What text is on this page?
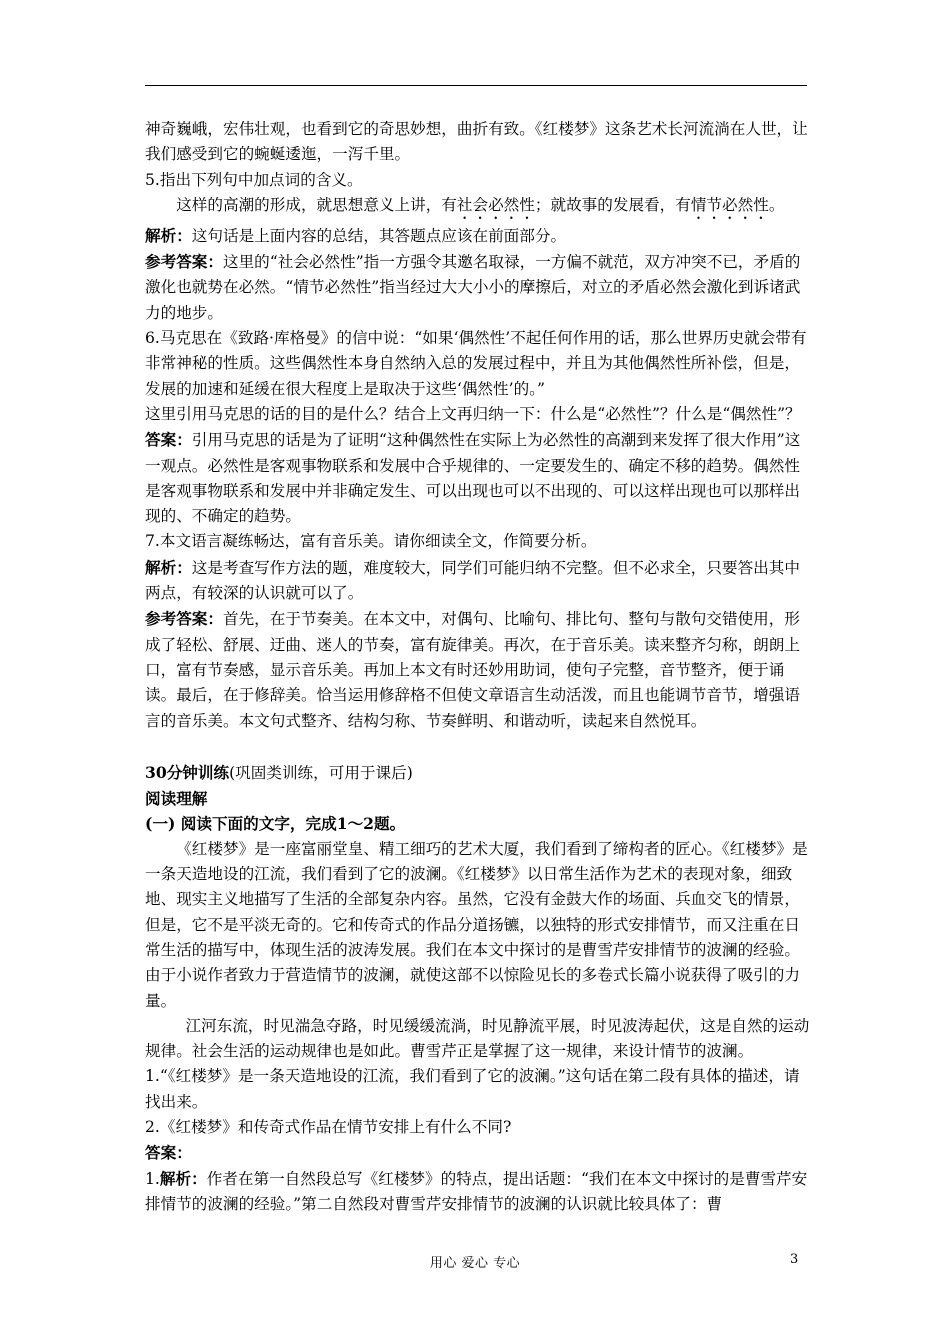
神奇巍峨，宏伟壮观，也看到它的奇思妙想，曲折有致。《红楼梦》这条艺术长河流淌在人世，让我们感受到它的蜿蜒逶迤，一泻千里。

5.指出下列句中加点词的含义。

这样的高潮的形成，就思想意义上讲，有社会必然性；就故事的发展看，有情节必然性。

解析：这句话是上面内容的总结，其答题点应该在前面部分。

参考答案：这里的“社会必然性”指一方强令其邀名取禄，一方偏不就范，双方冲突不已，矛盾的激化也就势在必然。“情节必然性”指当经过大大小小的摩擦后，对立的矛盾必然会激化到诉诸武力的地步。

6.马克思在《致路·库格曼》的信中说：“如果‘偶然性’不起任何作用的话，那么世界历史就会带有非常神秘的性质。这些偶然性本身自然纳入总的发展过程中，并且为其他偶然性所补偿，但是，发展的加速和延缓在很大程度上是取决于这些‘偶然性’的。”

这里引用马克思的话的目的是什么？结合上文再归纳一下：什么是“必然性”？什么是“偶然性”？

答案：引用马克思的话是为了证明“这种偶然性在实际上为必然性的高潮到来发挥了很大作用”这一观点。必然性是客观事物联系和发展中合乎规律的、一定要发生的、确定不移的趋势。偶然性是客观事物联系和发展中并非确定发生、可以出现也可以不出现的、可以这样出现也可以那样出现的、不确定的趋势。

7.本文语言凝练畅达，富有音乐美。请你细读全文，作简要分析。

解析：这是考查写作方法的题，难度较大，同学们可能归纳不完整。但不必求全，只要答出其中两点，有较深的认识就可以了。

参考答案：首先，在于节奏美。在本文中，对偶句、比喻句、排比句、整句与散句交错使用，形成了轻松、舒展、迂曲、迷人的节奏，富有旋律美。再次，在于音乐美。读来整齐匀称，朗朗上口，富有节奏感，显示音乐美。再加上本文有时还妙用助词，使句子完整，音节整齐，便于诵读。最后，在于修辞美。恰当运用修辞格不但使文章语言生动活泼，而且也能调节音节，增强语言的音乐美。本文句式整齐、结构匀称、节奏鲜明、和谐动听，读起来自然悦耳。

30分钟训练(巩固类训练，可用于课后)

阅读理解

(一) 阅读下面的文字，完成1～2题。

《红楼梦》是一座富丽堂皇、精工细巧的艺术大厦，我们看到了缔构者的匠心。《红楼梦》是一条天造地设的江流，我们看到了它的波澜。《红楼梦》以日常生活作为艺术的表现对象，细致地、现实主义地描写了生活的全部复杂内容。虽然，它没有金鼓大作的场面、兵血交飞的情景，但是，它不是平淡无奇的。它和传奇式的作品分道扬镳，以独特的形式安排情节，而又注重在日常生活的描写中，体现生活的波涛发展。我们在本文中探讨的是曹雪芹安排情节的波澜的经验。由于小说作者致力于营造情节的波澜，就使这部不以惊险见长的多卷式长篇小说获得了吸引的力量。

江河东流，时见湍急夺路，时见缓缓流淌，时见静流平展，时见波涛起伏，这是自然的运动规律。社会生活的运动规律也是如此。曹雪芹正是掌握了这一规律，来设计情节的波澜。

1.“《红楼梦》是一条天造地设的江流，我们看到了它的波澜。”这句话在第二段有具体的描述，请找出来。

2.《红楼梦》和传奇式作品在情节安排上有什么不同?

答案：

1.解析：作者在第一自然段总写《红楼梦》的特点，提出话题：“我们在本文中探讨的是曹雪芹安排情节的波澜的经验。”第二自然段对曹雪芹安排情节的波澜的认识就比较具体了：曹

用心 爱心 专心	3
